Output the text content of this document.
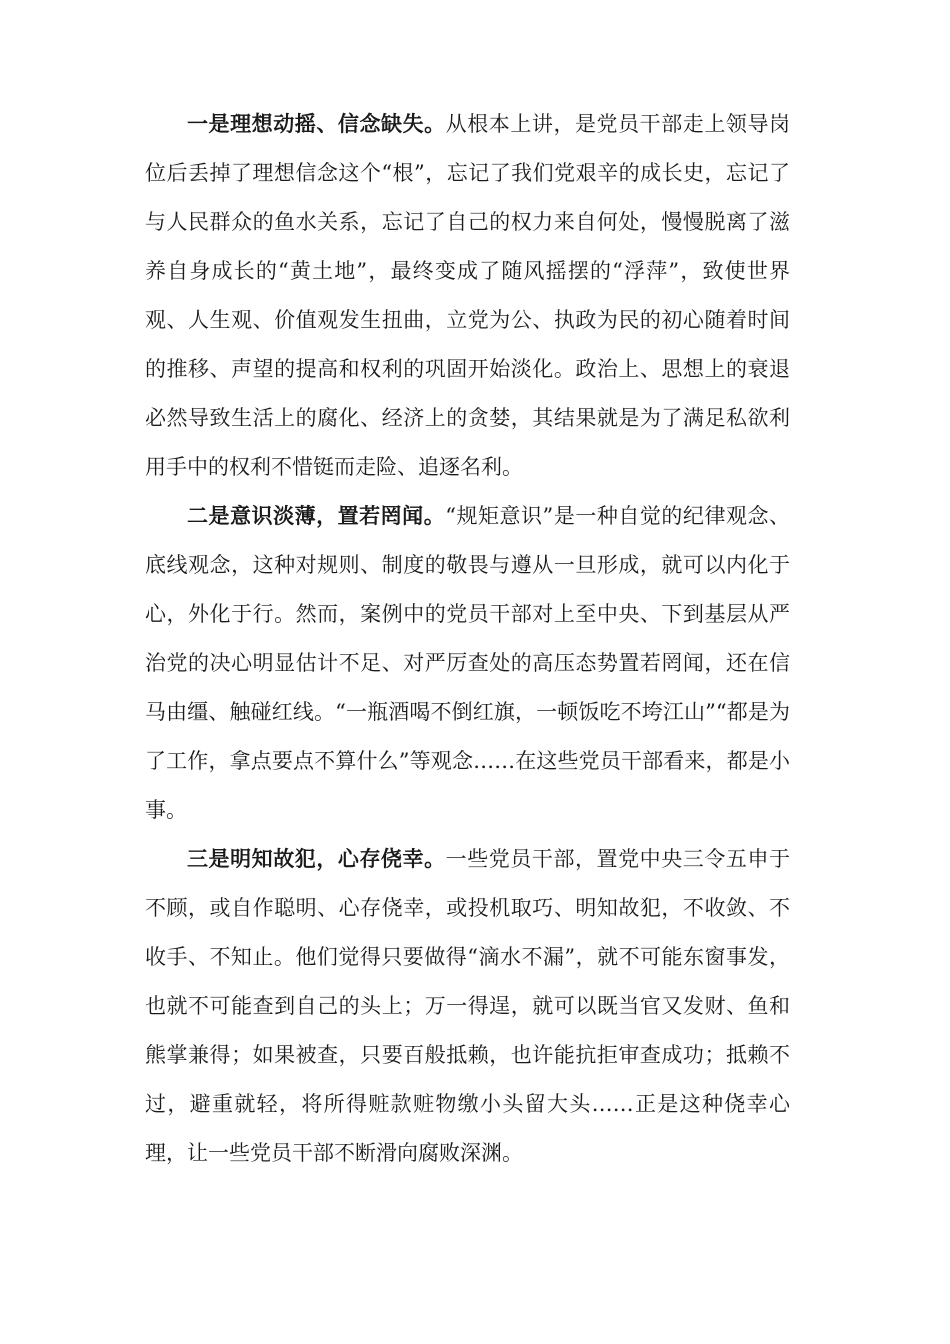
一是理想动摇、信念缺失。从根本上讲，是党员干部走上领导岗位后丢掉了理想信念这个“根”，忘记了我们党艰辛的成长史，忘记了与人民群众的鱼水关系，忘记了自己的权力来自何处，慢慢脱离了滋养自身成长的“黄土地”，最终变成了随风摇摆的“浮萍”，致使世界观、人生观、价值观发生扭曲，立党为公、执政为民的初心随着时间的推移、声望的提高和权利的巩固开始淡化。政治上、思想上的衰退必然导致生活上的腐化、经济上的贪婪，其结果就是为了满足私欲利用手中的权利不惜铤而走险、追逐名利。

二是意识淡薄，置若罔闻。“规矩意识”是一种自觉的纪律观念、底线观念，这种对规则、制度的敬畏与遵从一旦形成，就可以内化于心，外化于行。然而，案例中的党员干部对上至中央、下到基层从严治党的决心明显估计不足、对严厉查处的高压态势置若罔闻，还在信马由缰、触碰红线。“一瓶酒喝不倒红旗，一顿饭吃不垮江山”“都是为了工作，拿点要点不算什么”等观念……在这些党员干部看来，都是小事。

三是明知故犯，心存侥幸。一些党员干部，置党中央三令五申于不顾，或自作聪明、心存侥幸，或投机取巧、明知故犯，不收敛、不收手、不知止。他们觉得只要做得“滴水不漏”，就不可能东窗事发，也就不可能查到自己的头上；万一得逞，就可以既当官又发财、鱼和熊掌兼得；如果被查，只要百般抵赖，也许能抗拒审查成功；抵赖不过，避重就轻，将所得赃款赃物缴小头留大头……正是这种侥幸心理，让一些党员干部不断滑向腐败深渊。
